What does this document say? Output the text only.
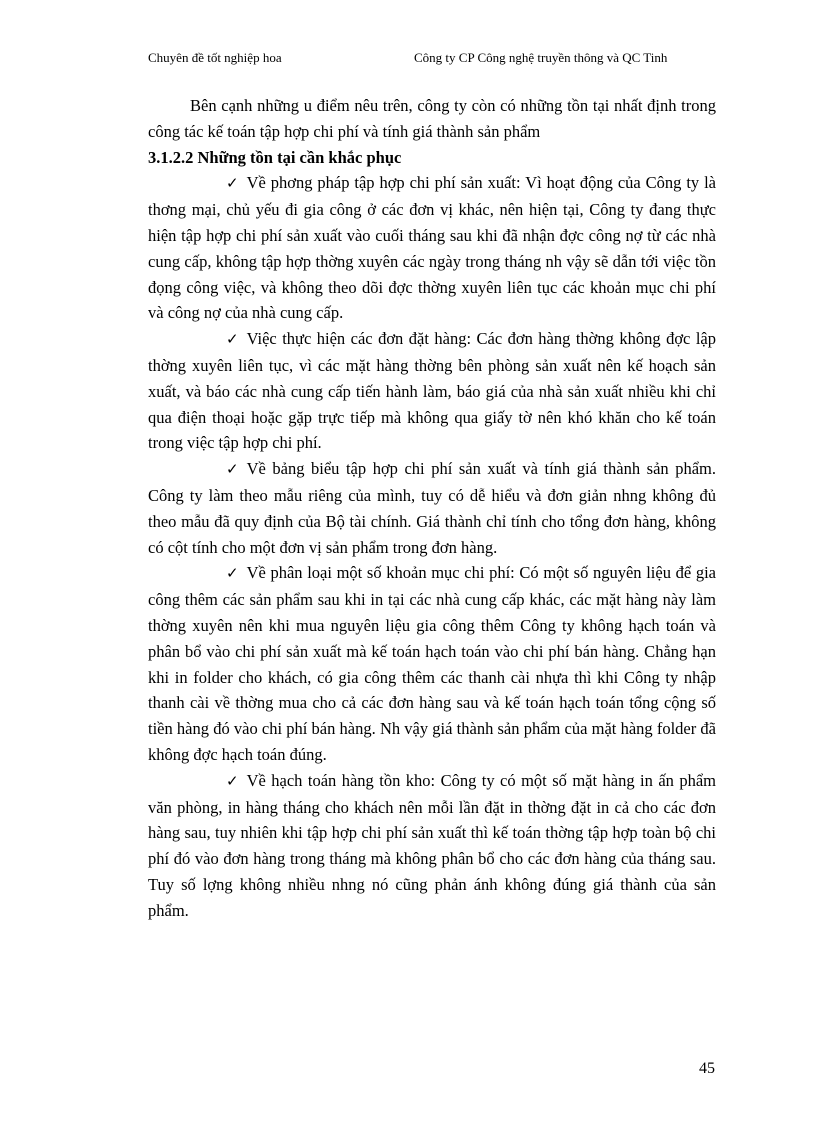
Chuyên đề tốt nghiệp hoa	Công ty CP Công nghệ truyền thông và QC Tinh

Bên cạnh những u điểm nêu trên, công ty còn có những tồn tại nhất định trong công tác kế toán tập hợp chi phí và tính giá thành sản phẩm

3.1.2.2 Những tồn tại cần khắc phục

✓ Về phơng pháp tập hợp chi phí sản xuất: Vì hoạt động của Công ty là thơng mại, chủ yếu đi gia công ở các đơn vị khác, nên hiện tại, Công ty đang thực hiện tập hợp chi phí sản xuất vào cuối tháng sau khi đã nhận đợc công nợ từ các nhà cung cấp, không tập hợp thờng xuyên các ngày trong tháng nh vậy sẽ dẫn tới việc tồn đọng công việc, và không theo dõi đợc thờng xuyên liên tục các khoản mục chi phí và công nợ của nhà cung cấp.

✓ Việc thực hiện các đơn đặt hàng: Các đơn hàng thờng không đợc lập thờng xuyên liên tục, vì các mặt hàng thờng bên phòng sản xuất nên kế hoạch sản xuất, và báo các nhà cung cấp tiến hành làm, báo giá của nhà sản xuất nhiều khi chỉ qua điện thoại hoặc gặp trực tiếp mà không qua giấy tờ nên khó khăn cho kế toán trong việc tập hợp chi phí.

✓ Về bảng biểu tập hợp chi phí sản xuất và tính giá thành sản phẩm. Công ty làm theo mẫu riêng của mình, tuy có dễ hiểu và đơn giản nhng không đủ theo mẫu đã quy định của Bộ tài chính. Giá thành chỉ tính cho tổng đơn hàng, không có cột tính cho một đơn vị sản phẩm trong đơn hàng.

✓ Về phân loại một số khoản mục chi phí: Có một số nguyên liệu để gia công thêm các sản phẩm sau khi in tại các nhà cung cấp khác, các mặt hàng này làm thờng xuyên nên khi mua nguyên liệu gia công thêm Công ty không hạch toán và phân bổ vào chi phí sản xuất mà kế toán hạch toán vào chi phí bán hàng. Chẳng hạn khi in folder cho khách, có gia công thêm các thanh cài nhựa thì khi Công ty nhập thanh cài về thờng mua cho cả các đơn hàng sau và kế toán hạch toán tổng cộng số tiền hàng đó vào chi phí bán hàng. Nh vậy giá thành sản phẩm của mặt hàng folder đã không đợc hạch toán đúng.

✓ Về hạch toán hàng tồn kho: Công ty có một số mặt hàng in ấn phẩm văn phòng, in hàng tháng cho khách nên mỗi lần đặt in thờng đặt in cả cho các đơn hàng sau, tuy nhiên khi tập hợp chi phí sản xuất thì kế toán thờng tập hợp toàn bộ chi phí đó vào đơn hàng trong tháng mà không phân bổ cho các đơn hàng của tháng sau. Tuy số lợng không nhiều nhng nó cũng phản ánh không đúng giá thành của sản phẩm.

45
